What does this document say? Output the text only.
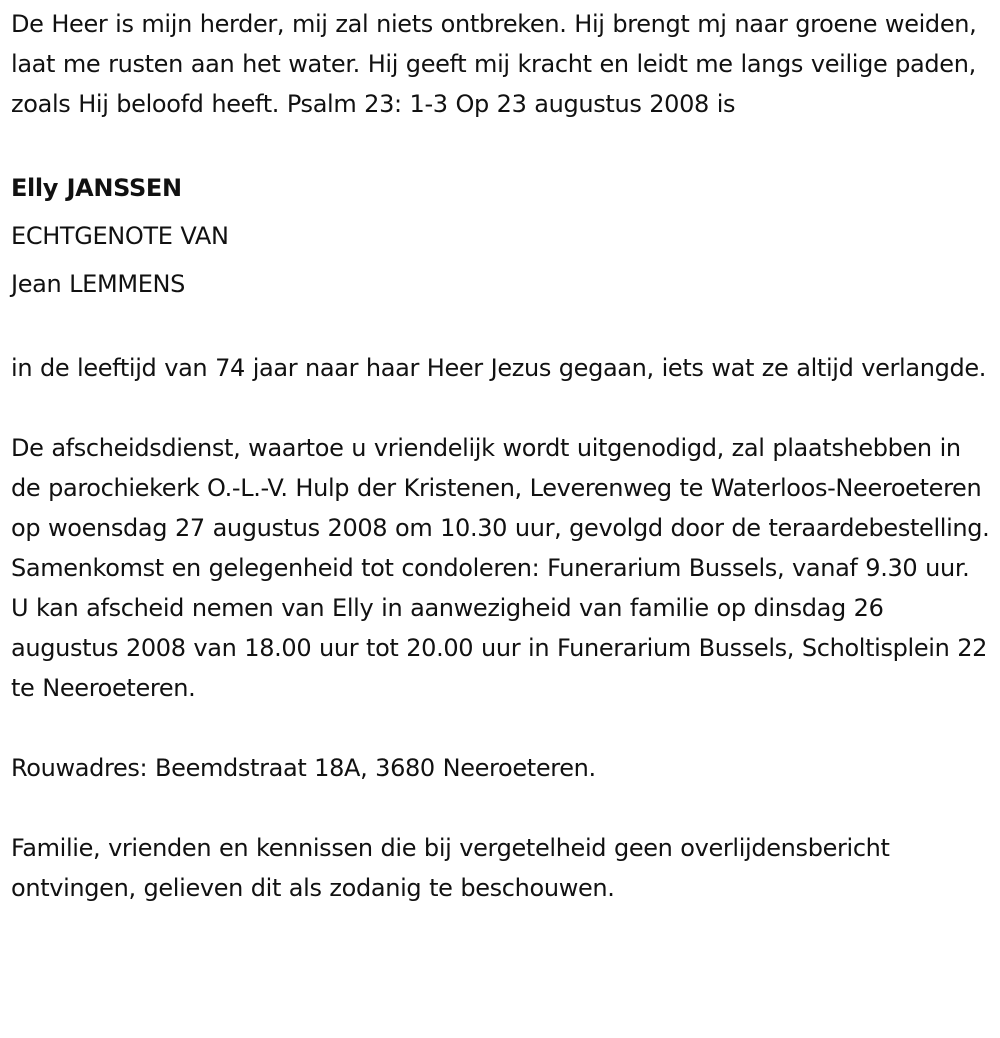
De Heer is mijn herder, mij zal niets ontbreken. Hij brengt mj naar groene weiden, laat me rusten aan het water. Hij geeft mij kracht en leidt me langs veilige paden, zoals Hij beloofd heeft. Psalm 23: 1-3 Op 23 augustus 2008 is

Elly JANSSEN

ECHTGENOTE VAN

Jean LEMMENS

in de leeftijd van 74 jaar naar haar Heer Jezus gegaan, iets wat ze altijd verlangde.

De afscheidsdienst, waartoe u vriendelijk wordt uitgenodigd, zal plaatshebben in de parochiekerk O.-L.-V. Hulp der Kristenen, Leverenweg te Waterloos-Neeroeteren op woensdag 27 augustus 2008 om 10.30 uur, gevolgd door de teraardebestelling. Samenkomst en gelegenheid tot condoleren: Funerarium Bussels, vanaf 9.30 uur. U kan afscheid nemen van Elly in aanwezigheid van familie op dinsdag 26 augustus 2008 van 18.00 uur tot 20.00 uur in Funerarium Bussels, Scholtisplein 22 te Neeroeteren.

Rouwadres: Beemdstraat 18A, 3680 Neeroeteren.

Familie, vrienden en kennissen die bij vergetelheid geen overlijdensbericht ontvingen, gelieven dit als zodanig te beschouwen.
